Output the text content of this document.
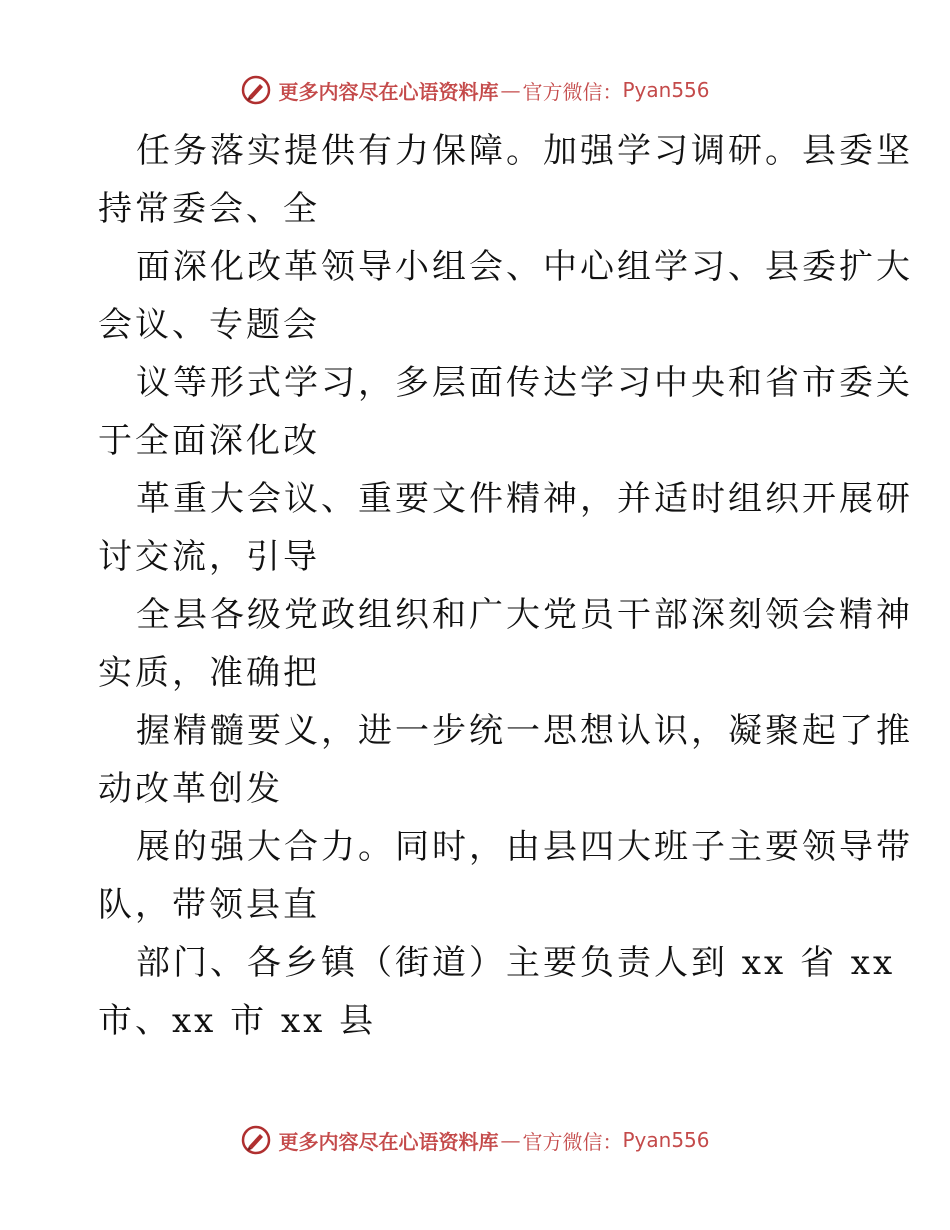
更多内容尽在心语资料库 — 官方微信： Pyan556
任务落实提供有力保障。加强学习调研。县委坚
持常委会、全
面深化改革领导小组会、中心组学习、县委扩大
会议、专题会
议等形式学习，多层面传达学习中央和省市委关
于全面深化改
革重大会议、重要文件精神，并适时组织开展研
讨交流，引导
全县各级党政组织和广大党员干部深刻领会精神
实质，准确把
握精髓要义，进一步统一思想认识，凝聚起了推
动改革创发
展的强大合力。同时，由县四大班子主要领导带
队，带领县直
部门、各乡镇（街道）主要负责人到 xx 省 xx
市、xx 市 xx 县
更多内容尽在心语资料库 — 官方微信： Pyan556
